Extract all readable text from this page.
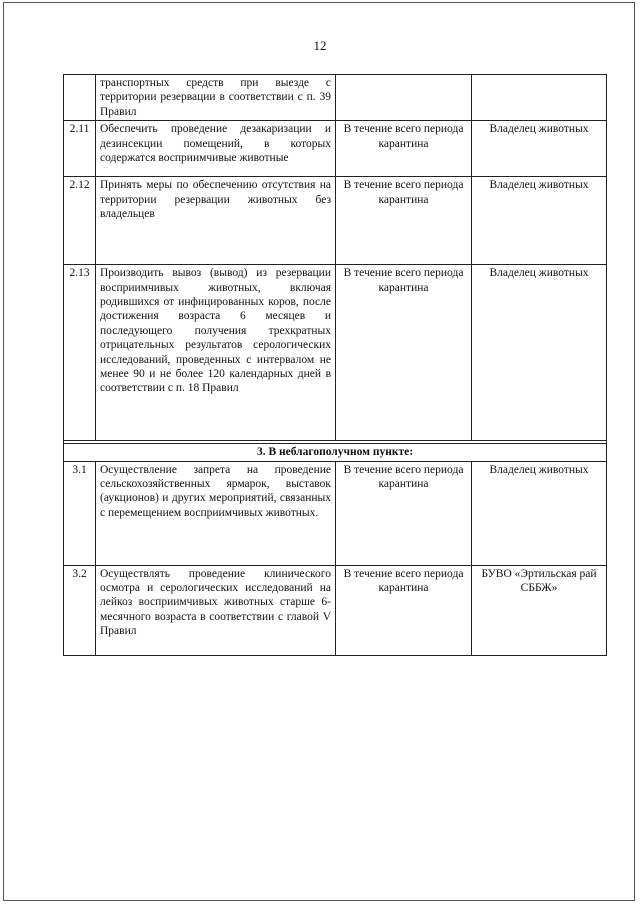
12
	транспортных средств при выезде с территории резервации в соответствии с п. 39 Правил		
2.11	Обеспечить проведение дезакаризации и дезинсекции помещений, в которых содержатся восприимчивые животные	В течение всего периода карантина	Владелец животных
2.12	Принять меры по обеспечению отсутствия на территории резервации животных без владельцев	В течение всего периода карантина	Владелец животных
2.13	Производить вывоз (вывод) из резервации восприимчивых животных, включая родившихся от инфицированных коров, после достижения возраста 6 месяцев и последующего получения трехкратных отрицательных результатов серологических исследований, проведенных с интервалом не менее 90 и не более 120 календарных дней в соответствии с п. 18 Правил	В течение всего периода карантина	Владелец животных

3. В неблагополучном пункте:			
3.1	Осуществление запрета на проведение сельскохозяйственных ярмарок, выставок (аукционов) и других мероприятий, связанных с перемещением восприимчивых животных.	В течение всего периода карантина	Владелец животных
3.2	Осуществлять проведение клинического осмотра и серологических исследований на лейкоз восприимчивых животных старше 6-месячного возраста в соответствии с главой V Правил	В течение всего периода карантина	БУВО «Эртильская рай СББЖ»
